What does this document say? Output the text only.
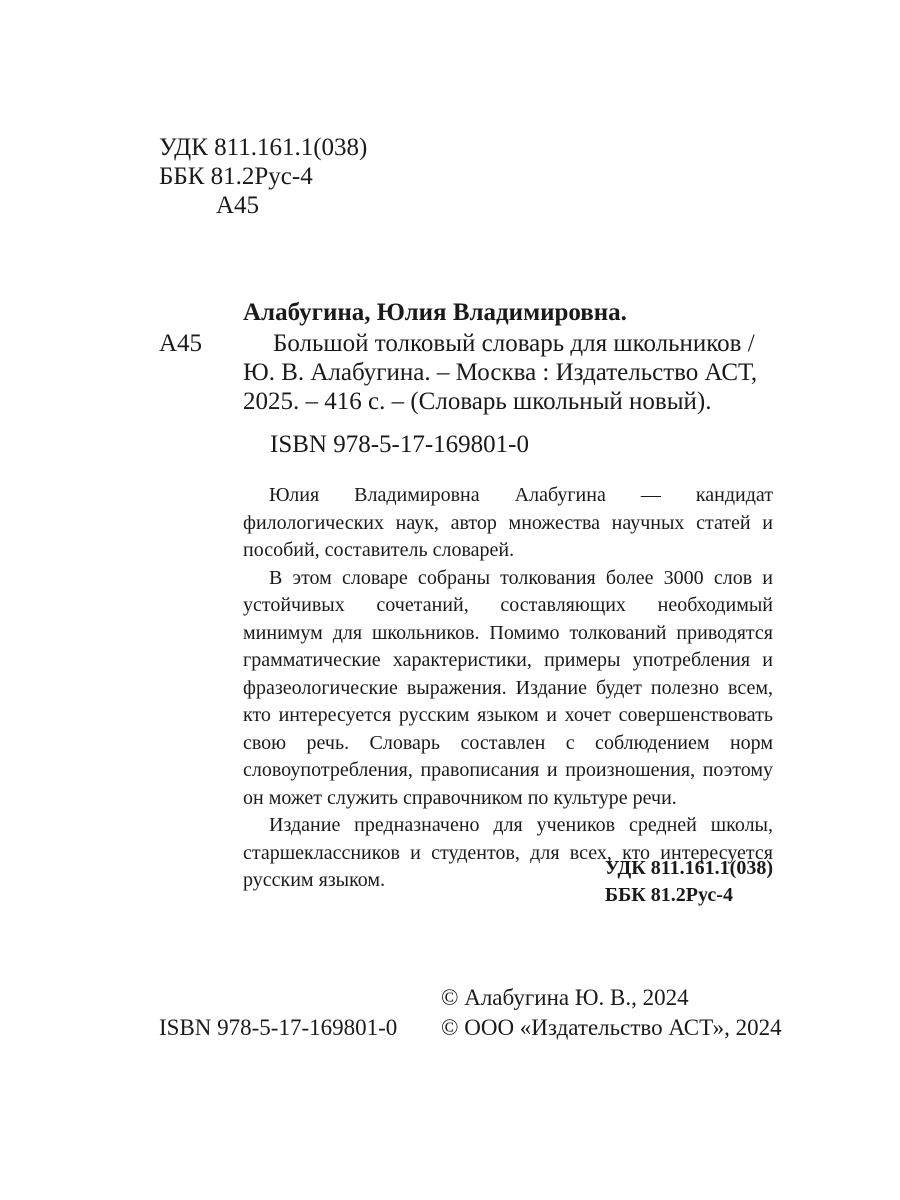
УДК 811.161.1(038)
ББК 81.2Рус-4
А45
Алабугина, Юлия Владимировна.
А45	Большой толковый словарь для школьников /
Ю. В. Алабугина. – Москва : Издательство АСТ,
2025. – 416 с. – (Словарь школьный новый).
ISBN 978-5-17-169801-0

Юлия Владимировна Алабугина — кандидат филологических наук, автор множества научных статей и пособий, составитель словарей.

В этом словаре собраны толкования более 3000 слов и устойчивых сочетаний, составляющих необходимый минимум для школьников. Помимо толкований приводятся грамматические характеристики, примеры употребления и фразеологические выражения. Издание будет полезно всем, кто интересуется русским языком и хочет совершенствовать свою речь. Словарь составлен с соблюдением норм словоупотребления, правописания и произношения, поэтому он может служить справочником по культуре речи.

Издание предназначено для учеников средней школы, старшеклассников и студентов, для всех, кто интересуется русским языком.

УДК 811.161.1(038)
ББК 81.2Рус-4
© Алабугина Ю. В., 2024
ISBN 978-5-17-169801-0 © ООО «Издательство АСТ», 2024
